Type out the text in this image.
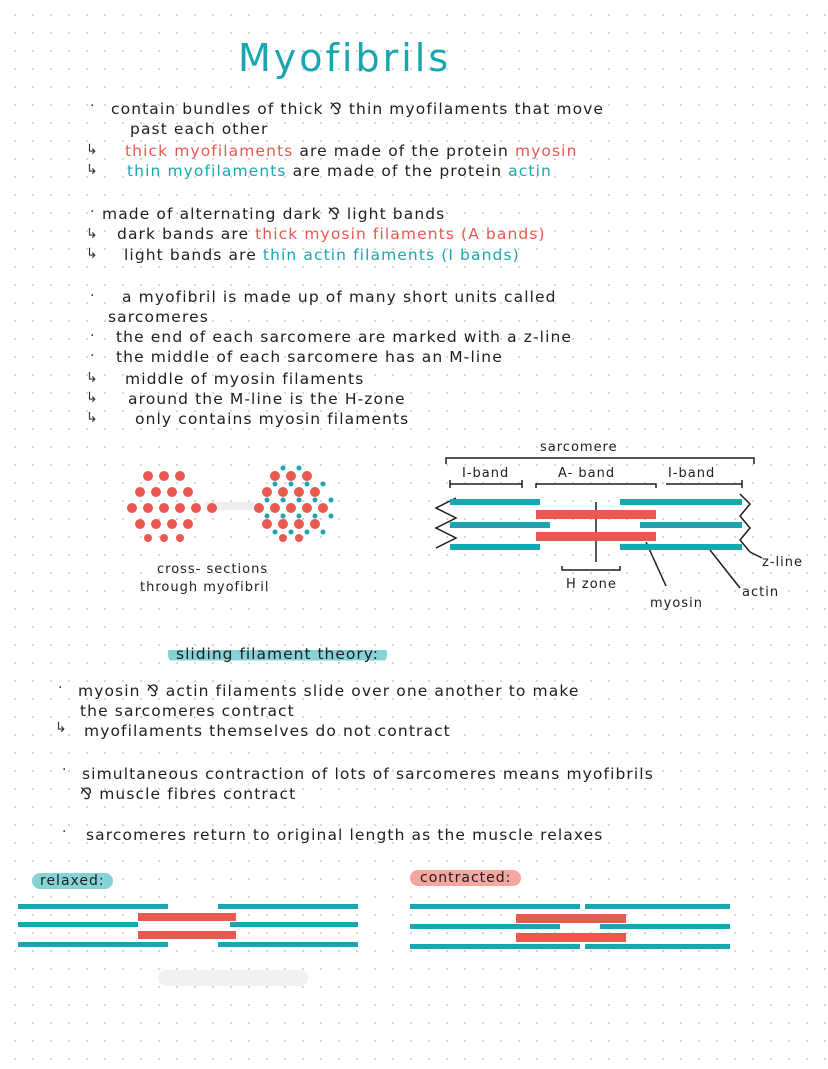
Myofibrils
· contain bundles of thick ⅋ thin myofilaments that move
past each other
↳ thick myofilaments are made of the protein myosin
↳ thin myofilaments are made of the protein actin
· made of alternating dark ⅋ light bands
↳ dark bands are thick myosin filaments (A bands)
↳ light bands are thin actin filaments (I bands)
· a myofibril is made up of many short units called
sarcomeres
· the end of each sarcomere are marked with a z-line
· the middle of each sarcomere has an M-line
↳ middle of myosin filaments
↳ around the M-line is the H-zone
↳ only contains myosin filaments
cross- sections
through myofibril
sarcomere
I-band	A- band	I-band
z-line
H zone
actin
myosin
sliding filament theory:
· myosin ⅋ actin filaments slide over one another to make
the sarcomeres contract
↳ myofilaments themselves do not contract
· simultaneous contraction of lots of sarcomeres means myofibrils
⅋ muscle fibres contract
· sarcomeres return to original length as the muscle relaxes
relaxed:	contracted:
